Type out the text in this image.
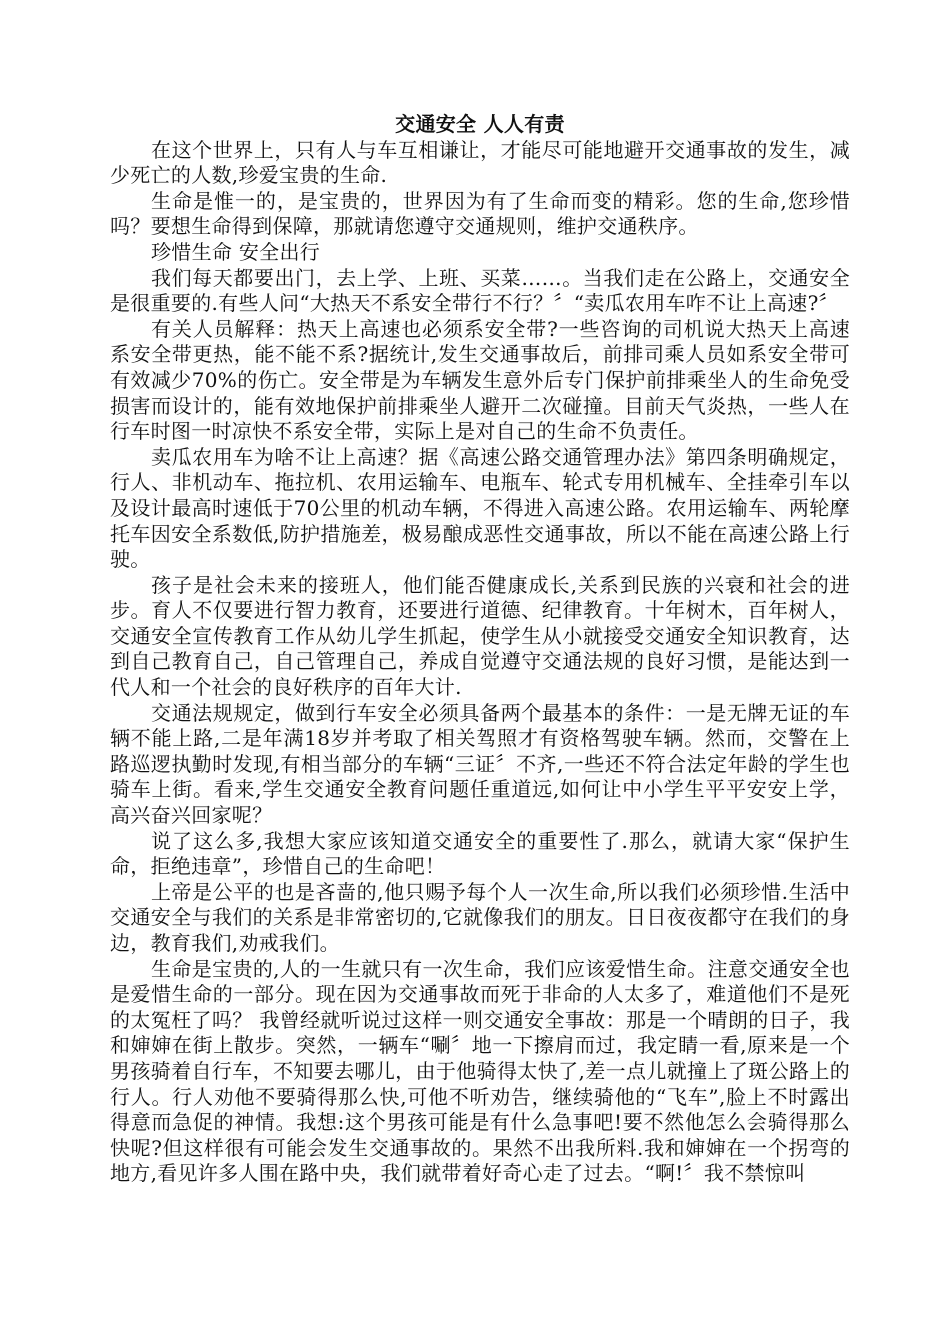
交通安全 人人有责

在这个世界上，只有人与车互相谦让，才能尽可能地避开交通事故的发生，减少死亡的人数,珍爱宝贵的生命.

生命是惟一的，是宝贵的，世界因为有了生命而变的精彩。您的生命,您珍惜吗？要想生命得到保障，那就请您遵守交通规则，维护交通秩序。

珍惜生命 安全出行

我们每天都要出门，去上学、上班、买菜……。当我们走在公路上，交通安全是很重要的.有些人问“大热天不系安全带行不行？〞“卖瓜农用车咋不让上高速?〞

有关人员解释：热天上高速也必须系安全带?一些咨询的司机说大热天上高速系安全带更热，能不能不系?据统计,发生交通事故后，前排司乘人员如系安全带可有效减少70%的伤亡。安全带是为车辆发生意外后专门保护前排乘坐人的生命免受损害而设计的，能有效地保护前排乘坐人避开二次碰撞。目前天气炎热，一些人在行车时图一时凉快不系安全带，实际上是对自己的生命不负责任。

卖瓜农用车为啥不让上高速？据《高速公路交通管理办法》第四条明确规定，行人、非机动车、拖拉机、农用运输车、电瓶车、轮式专用机械车、全挂牵引车以及设计最高时速低于70公里的机动车辆，不得进入高速公路。农用运输车、两轮摩托车因安全系数低,防护措施差，极易酿成恶性交通事故，所以不能在高速公路上行驶。

孩子是社会未来的接班人，他们能否健康成长,关系到民族的兴衰和社会的进步。育人不仅要进行智力教育，还要进行道德、纪律教育。十年树木，百年树人，交通安全宣传教育工作从幼儿学生抓起，使学生从小就接受交通安全知识教育，达到自己教育自己，自己管理自己，养成自觉遵守交通法规的良好习惯，是能达到一代人和一个社会的良好秩序的百年大计.

交通法规规定，做到行车安全必须具备两个最基本的条件：一是无牌无证的车辆不能上路,二是年满18岁并考取了相关驾照才有资格驾驶车辆。然而，交警在上路巡逻执勤时发现,有相当部分的车辆“三证〞不齐,一些还不符合法定年龄的学生也骑车上街。看来,学生交通安全教育问题任重道远,如何让中小学生平平安安上学，高兴奋兴回家呢？

说了这么多,我想大家应该知道交通安全的重要性了.那么，就请大家“保护生命，拒绝违章”，珍惜自己的生命吧！

上帝是公平的也是吝啬的,他只赐予每个人一次生命,所以我们必须珍惜.生活中交通安全与我们的关系是非常密切的,它就像我们的朋友。日日夜夜都守在我们的身边，教育我们,劝戒我们。

生命是宝贵的,人的一生就只有一次生命，我们应该爱惜生命。注意交通安全也是爱惜生命的一部分。现在因为交通事故而死于非命的人太多了，难道他们不是死的太冤枉了吗？ 我曾经就听说过这样一则交通安全事故：那是一个晴朗的日子，我和婶婶在街上散步。突然，一辆车“唰〞地一下擦肩而过，我定睛一看,原来是一个男孩骑着自行车，不知要去哪儿，由于他骑得太快了,差一点儿就撞上了斑公路上的行人。行人劝他不要骑得那么快,可他不听劝告，继续骑他的“飞车”,脸上不时露出得意而急促的神情。我想:这个男孩可能是有什么急事吧!要不然他怎么会骑得那么快呢?但这样很有可能会发生交通事故的。果然不出我所料.我和婶婶在一个拐弯的地方,看见许多人围在路中央，我们就带着好奇心走了过去。“啊!〞我不禁惊叫
